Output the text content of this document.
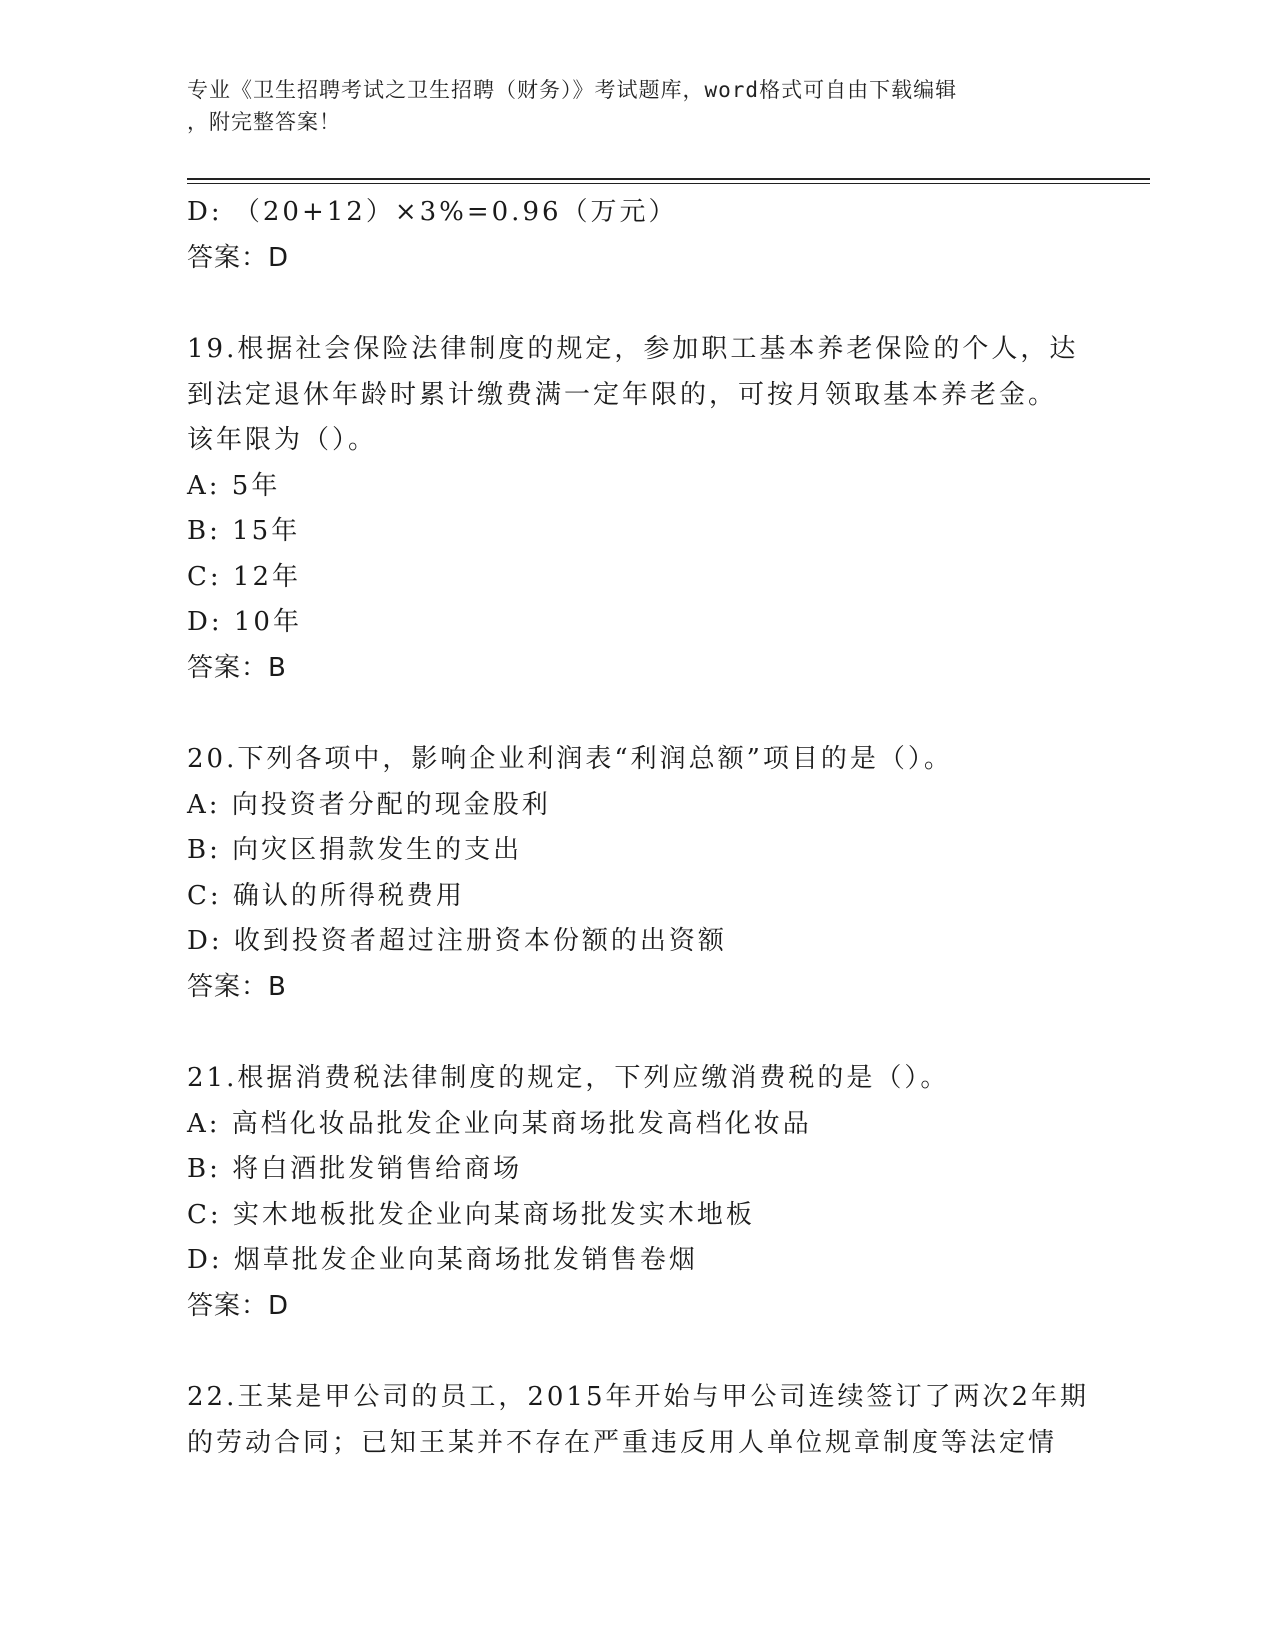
专业《卫生招聘考试之卫生招聘（财务）》考试题库，word格式可自由下载编辑
，附完整答案！
D: （20+12）×3%=0.96（万元）
答案：D
19.根据社会保险法律制度的规定，参加职工基本养老保险的个人，达
到法定退休年龄时累计缴费满一定年限的，可按月领取基本养老金。
该年限为（）。
A: 5年
B: 15年
C: 12年
D: 10年
答案：B
20.下列各项中，影响企业利润表“利润总额”项目的是（）。
A: 向投资者分配的现金股利
B: 向灾区捐款发生的支出
C: 确认的所得税费用
D: 收到投资者超过注册资本份额的出资额
答案：B
21.根据消费税法律制度的规定，下列应缴消费税的是（）。
A: 高档化妆品批发企业向某商场批发高档化妆品
B: 将白酒批发销售给商场
C: 实木地板批发企业向某商场批发实木地板
D: 烟草批发企业向某商场批发销售卷烟
答案：D
22.王某是甲公司的员工，2015年开始与甲公司连续签订了两次2年期
的劳动合同；已知王某并不存在严重违反用人单位规章制度等法定情
